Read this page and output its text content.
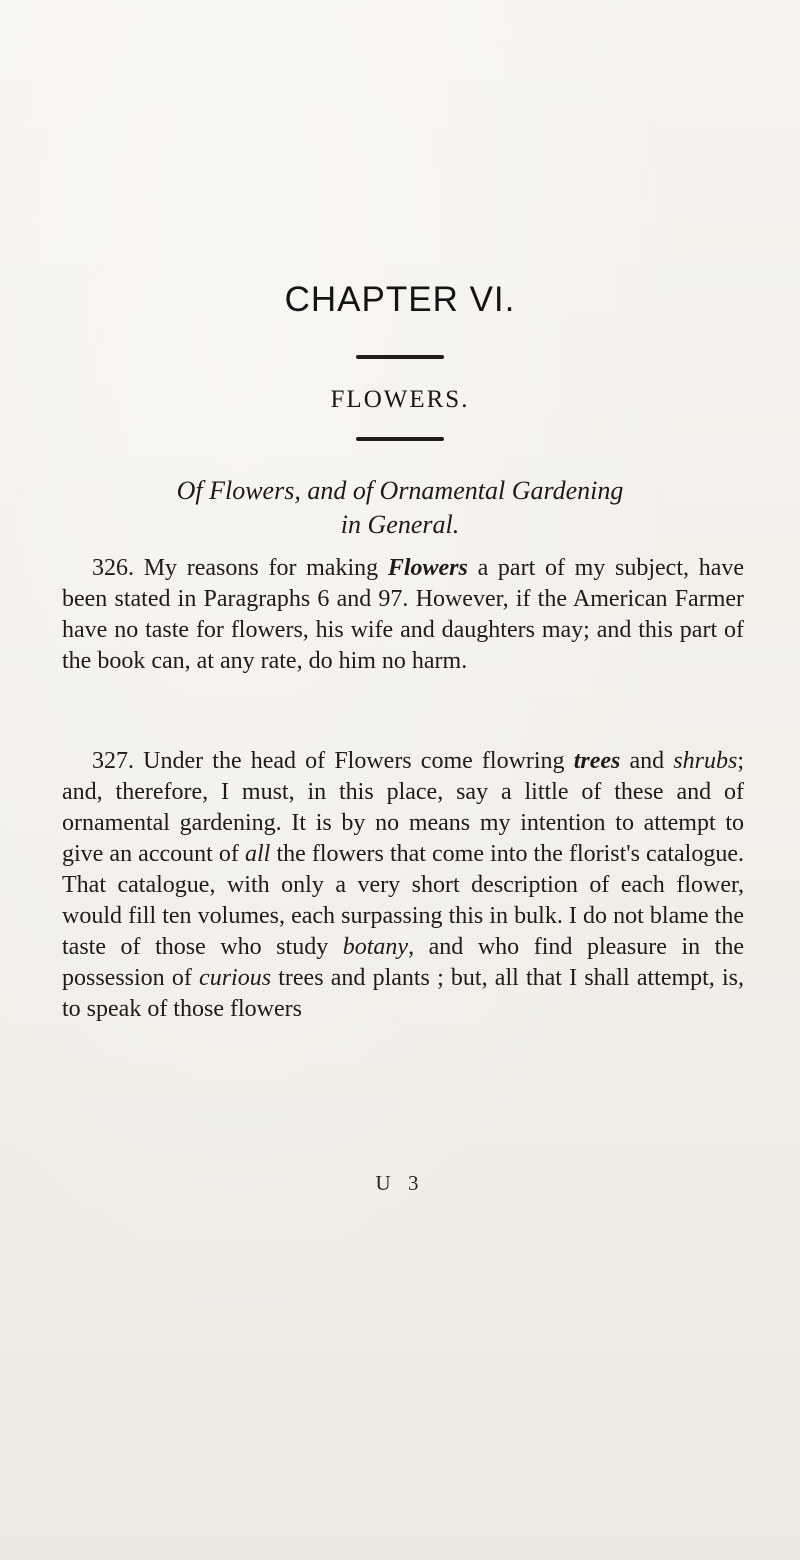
CHAPTER VI.
FLOWERS.
Of Flowers, and of Ornamental Gardening
in General.
326. My reasons for making Flowers a part of my subject, have been stated in Paragraphs 6 and 97. However, if the American Farmer have no taste for flowers, his wife and daughters may; and this part of the book can, at any rate, do him no harm.
327. Under the head of Flowers come flowring trees and shrubs; and, therefore, I must, in this place, say a little of these and of ornamental gardening. It is by no means my intention to attempt to give an account of all the flowers that come into the florist's catalogue. That catalogue, with only a very short description of each flower, would fill ten volumes, each surpassing this in bulk. I do not blame the taste of those who study botany, and who find pleasure in the possession of curious trees and plants ; but, all that I shall attempt, is, to speak of those flowers
U 3
